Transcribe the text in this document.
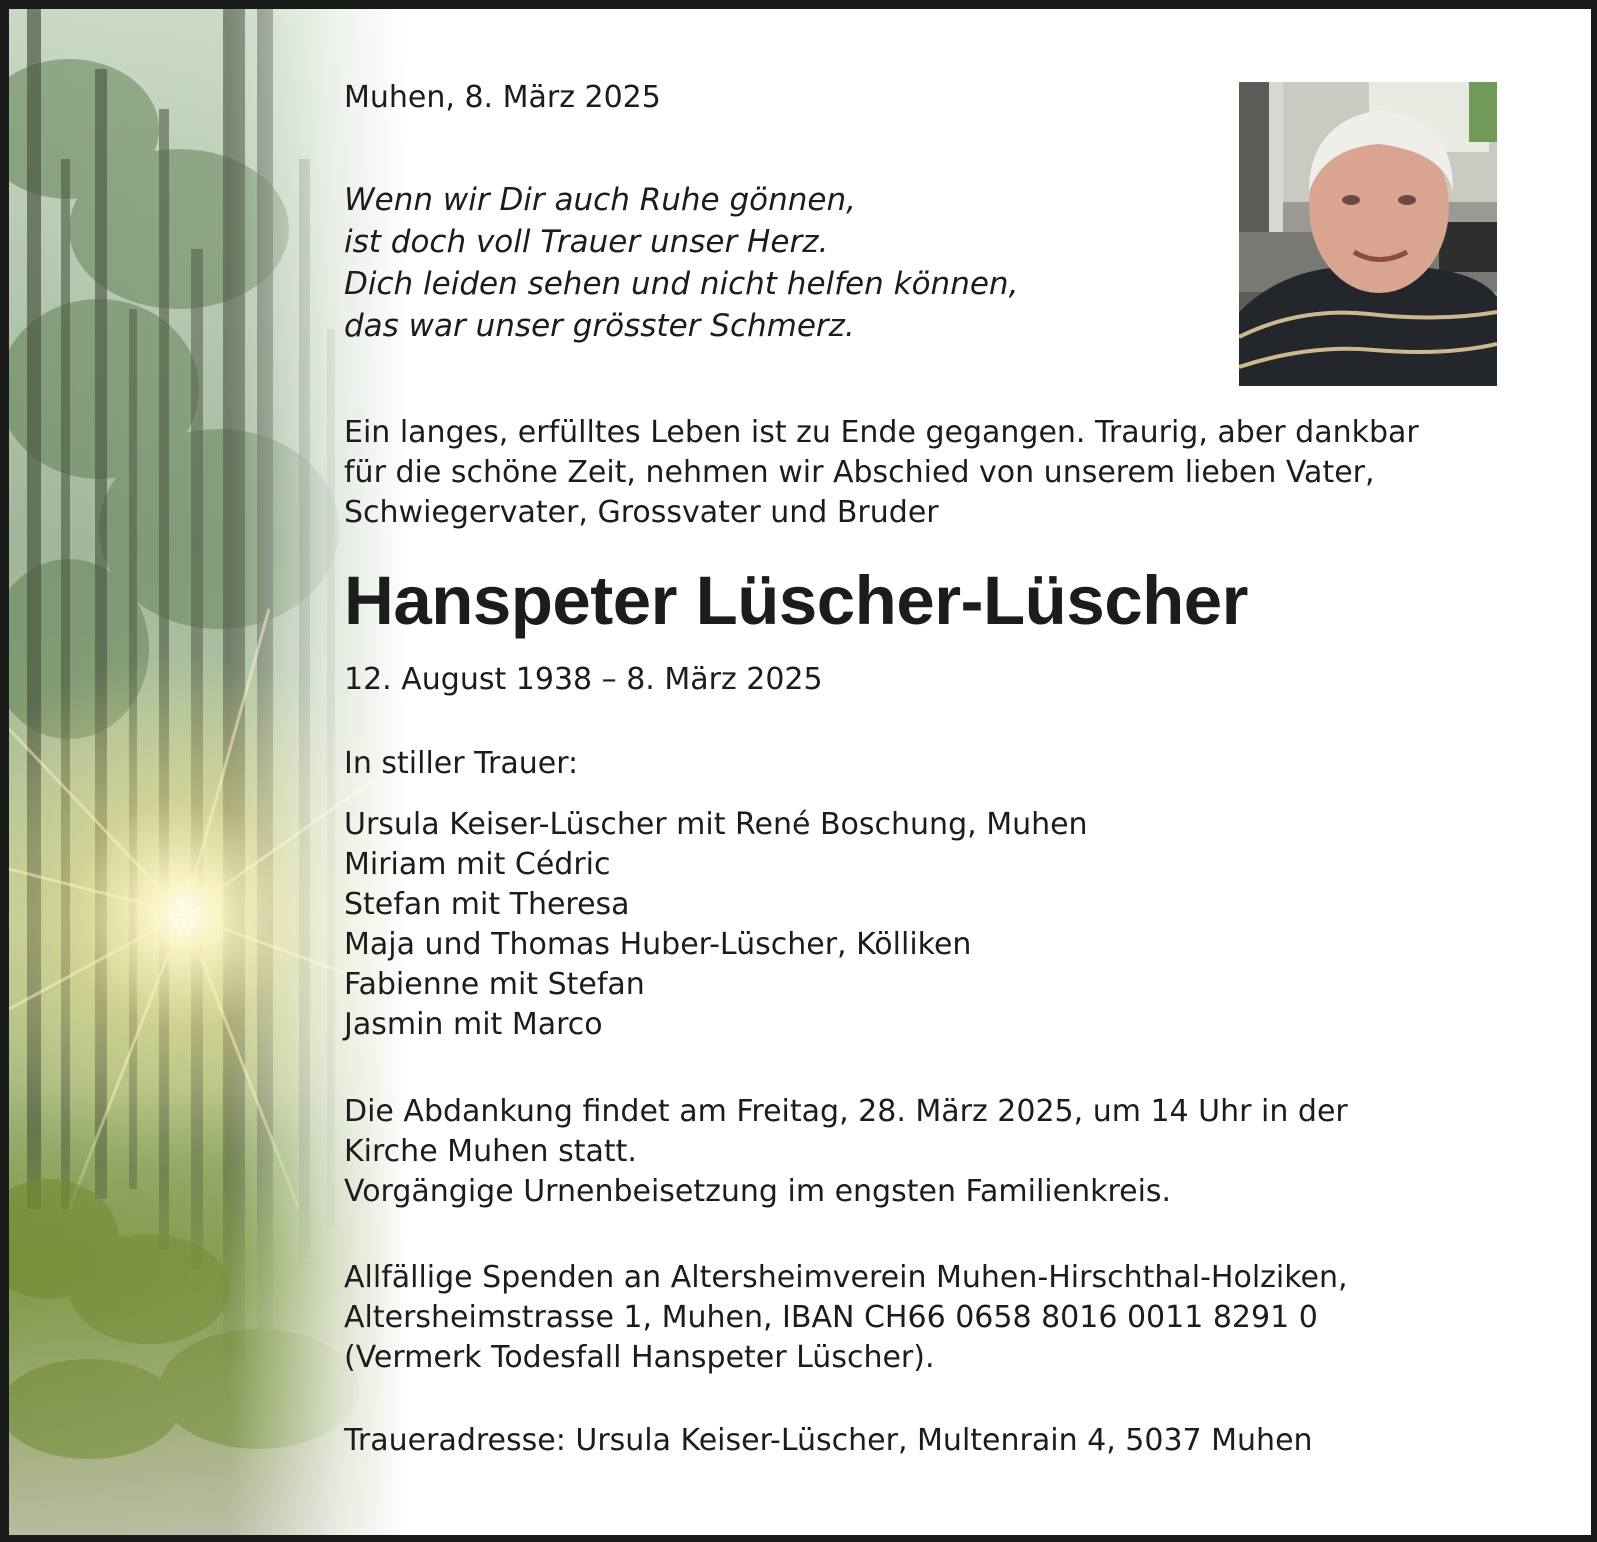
Muhen, 8. März 2025
Wenn wir Dir auch Ruhe gönnen,
ist doch voll Trauer unser Herz.
Dich leiden sehen und nicht helfen können,
das war unser grösster Schmerz.
Ein langes, erfülltes Leben ist zu Ende gegangen. Traurig, aber dankbar
für die schöne Zeit, nehmen wir Abschied von unserem lieben Vater,
Schwiegervater, Grossvater und Bruder
Hanspeter Lüscher-Lüscher
12. August 1938 – 8. März 2025
In stiller Trauer:
Ursula Keiser-Lüscher mit René Boschung, Muhen
Miriam mit Cédric
Stefan mit Theresa
Maja und Thomas Huber-Lüscher, Kölliken
Fabienne mit Stefan
Jasmin mit Marco
Die Abdankung findet am Freitag, 28. März 2025, um 14 Uhr in der
Kirche Muhen statt.
Vorgängige Urnenbeisetzung im engsten Familienkreis.
Allfällige Spenden an Altersheimverein Muhen-Hirschthal-Holziken,
Altersheimstrasse 1, Muhen, IBAN CH66 0658 8016 0011 8291 0
(Vermerk Todesfall Hanspeter Lüscher).
Traueradresse: Ursula Keiser-Lüscher, Multenrain 4, 5037 Muhen
